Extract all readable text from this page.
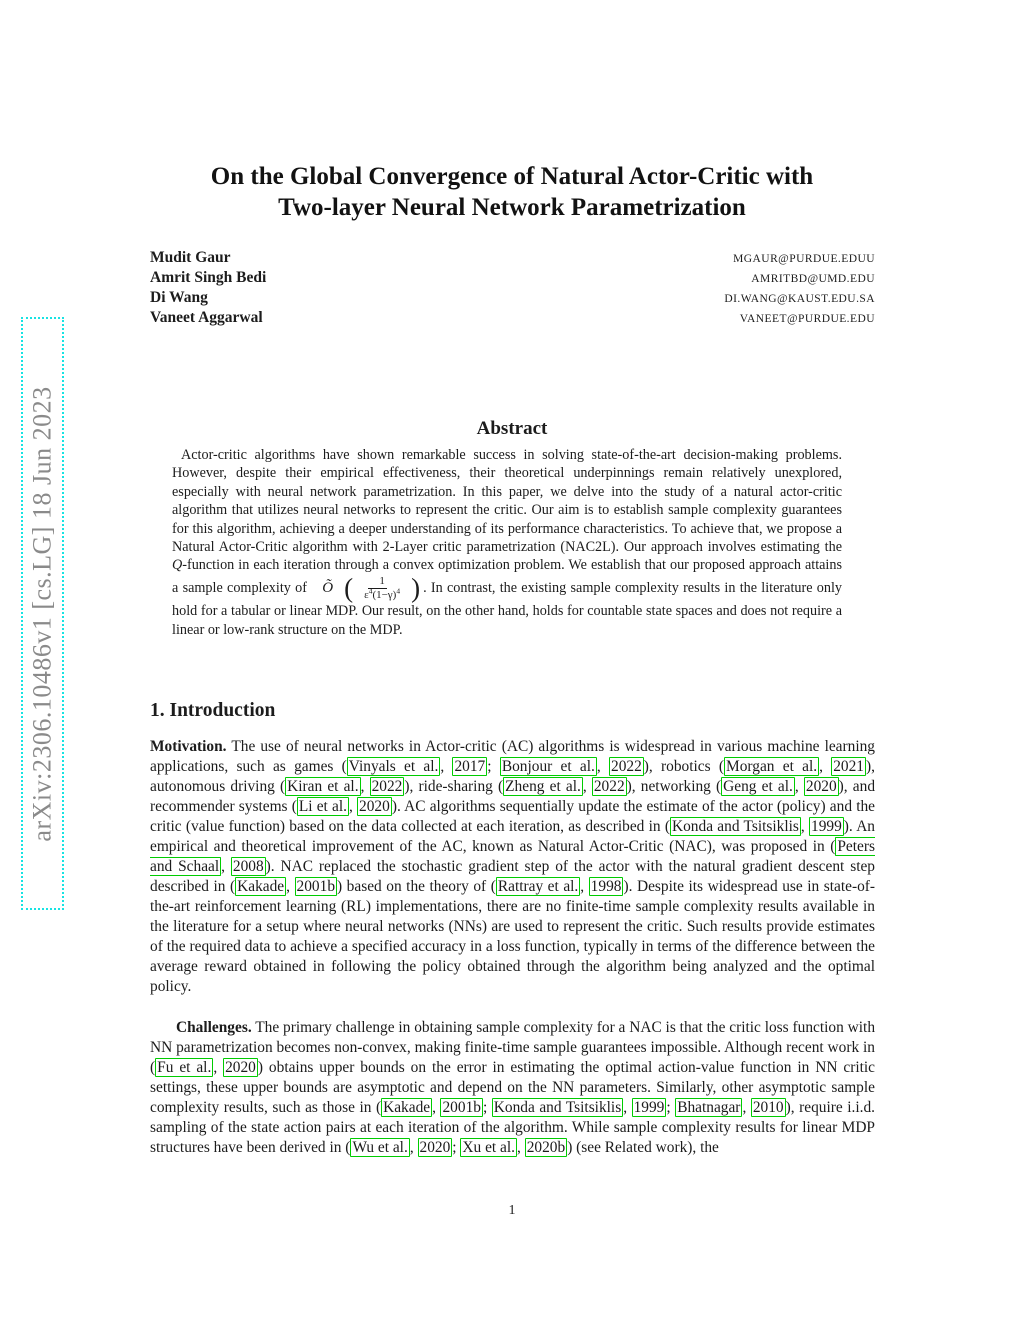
arXiv:2306.10486v1 [cs.LG] 18 Jun 2023
On the Global Convergence of Natural Actor-Critic with
Two-layer Neural Network Parametrization
Mudit Gaur	MGAUR@PURDUE.EDUU
Amrit Singh Bedi	AMRITBD@UMD.EDU
Di Wang	DI.WANG@KAUST.EDU.SA
Vaneet Aggarwal	VANEET@PURDUE.EDU
Abstract

Actor-critic algorithms have shown remarkable success in solving state-of-the-art decision-making problems. However, despite their empirical effectiveness, their theoretical underpinnings remain relatively unexplored, especially with neural network parametrization. In this paper, we delve into the study of a natural actor-critic algorithm that utilizes neural networks to represent the critic. Our aim is to establish sample complexity guarantees for this algorithm, achieving a deeper understanding of its performance characteristics. To achieve that, we propose a Natural Actor-Critic algorithm with 2-Layer critic parametrization (NAC2L). Our approach involves estimating the Q-function in each iteration through a convex optimization problem. We establish that our proposed approach attains a sample complexity of Õ ( $\frac{1}{\varepsilon^4(1-\gamma)^4}$ ) . In contrast, the existing sample complexity results in the literature only hold for a tabular or linear MDP. Our result, on the other hand, holds for countable state spaces and does not require a linear or low-rank structure on the MDP.

1. Introduction

Motivation. The use of neural networks in Actor-critic (AC) algorithms is widespread in various machine learning applications, such as games ( Vinyals et al. , 2017 ; Bonjour et al. , 2022 ), robotics ( Morgan et al. , 2021 ), autonomous driving ( Kiran et al. , 2022 ), ride-sharing ( Zheng et al. , 2022 ), networking ( Geng et al. , 2020 ), and recommender systems ( Li et al. , 2020 ). AC algorithms sequentially update the estimate of the actor (policy) and the critic (value function) based on the data collected at each iteration, as described in ( Konda and Tsitsiklis , 1999 ). An empirical and theoretical improvement of the AC, known as Natural Actor-Critic (NAC), was proposed in ( Peters and Schaal , 2008 ). NAC replaced the stochastic gradient step of the actor with the natural gradient descent step described in ( Kakade , 2001b ) based on the theory of ( Rattray et al. , 1998 ). Despite its widespread use in state-of-the-art reinforcement learning (RL) implementations, there are no finite-time sample complexity results available in the literature for a setup where neural networks (NNs) are used to represent the critic. Such results provide estimates of the required data to achieve a specified accuracy in a loss function, typically in terms of the difference between the average reward obtained in following the policy obtained through the algorithm being analyzed and the optimal policy.

Challenges. The primary challenge in obtaining sample complexity for a NAC is that the critic loss function with NN parametrization becomes non-convex, making finite-time sample guarantees impossible. Although recent work in ( Fu et al. , 2020 ) obtains upper bounds on the error in estimating the optimal action-value function in NN critic settings, these upper bounds are asymptotic and depend on the NN parameters. Similarly, other asymptotic sample complexity results, such as those in ( Kakade , 2001b ; Konda and Tsitsiklis , 1999 ; Bhatnagar , 2010 ), require i.i.d. sampling of the state action pairs at each iteration of the algorithm. While sample complexity results for linear MDP structures have been derived in ( Wu et al. , 2020 ; Xu et al. , 2020b ) (see Related work), the

1
